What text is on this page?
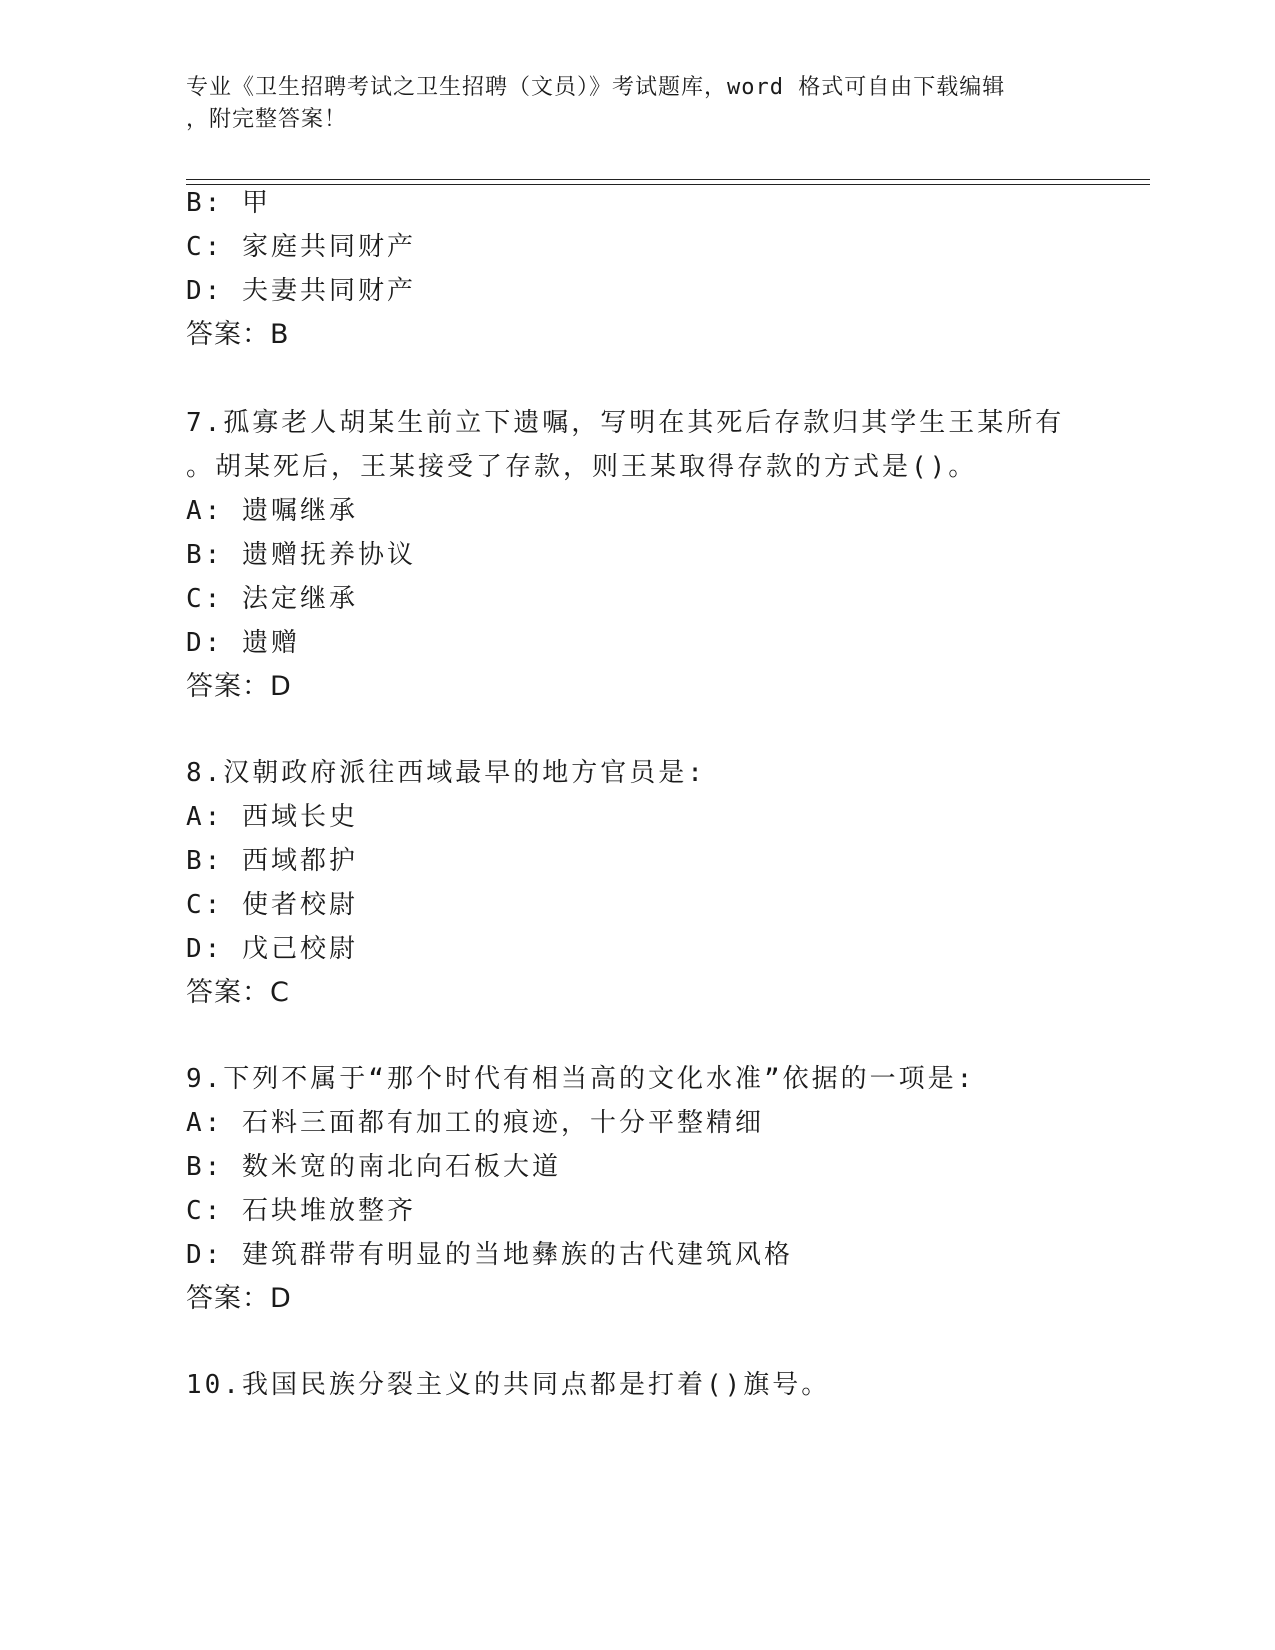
专业《卫生招聘考试之卫生招聘（文员）》考试题库，word 格式可自由下载编辑
，附完整答案！
B: 甲
C: 家庭共同财产
D: 夫妻共同财产
答案：B
7.孤寡老人胡某生前立下遗嘱，写明在其死后存款归其学生王某所有
。胡某死后，王某接受了存款，则王某取得存款的方式是()。
A: 遗嘱继承
B: 遗赠抚养协议
C: 法定继承
D: 遗赠
答案：D
8.汉朝政府派往西域最早的地方官员是:
A: 西域长史
B: 西域都护
C: 使者校尉
D: 戊己校尉
答案：C
9.下列不属于“那个时代有相当高的文化水准”依据的一项是:
A: 石料三面都有加工的痕迹，十分平整精细
B: 数米宽的南北向石板大道
C: 石块堆放整齐
D: 建筑群带有明显的当地彝族的古代建筑风格
答案：D
10.我国民族分裂主义的共同点都是打着()旗号。
